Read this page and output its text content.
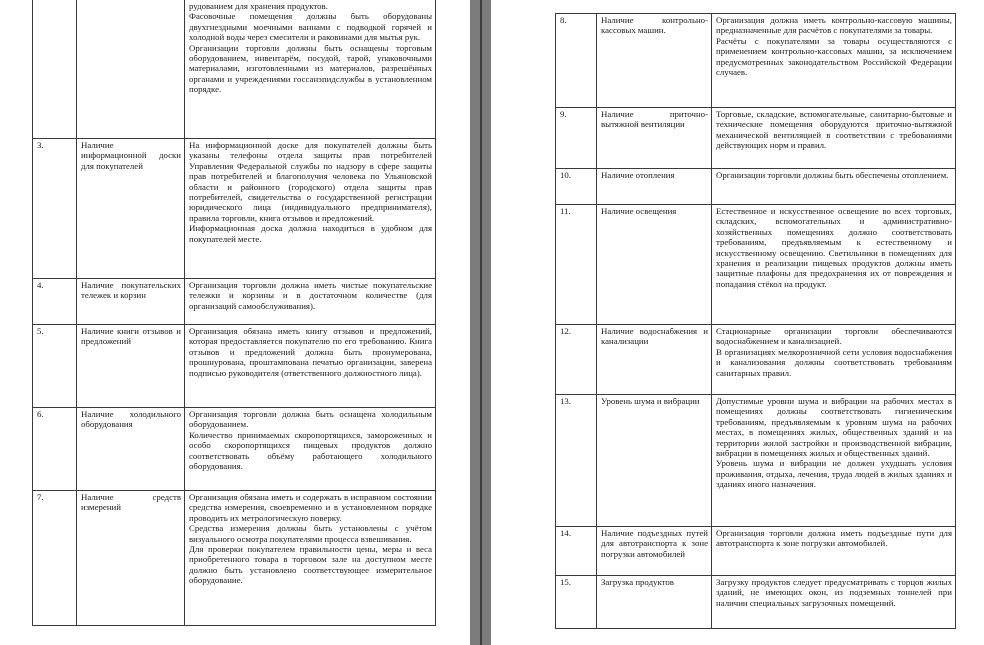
		рудованием для хранения продуктов.
Фасовочные помещения должны быть оборудованы двухгнездными моечными ваннами с подводкой горячей и холодной воды через смесители и раковинами для мытья рук.
Организации торговли должны быть оснащены торговым оборудованием, инвентарём, посудой, тарой, упаковочными материалами, изготовленными из материалов, разрешённых органами и учреждениями госсанэпидслужбы в установленном порядке.

3.	Наличие информационной доски для покупателей	На информационной доске для покупателей должны быть указаны телефоны отдела защиты прав потребителей Управления Федеральной службы по надзору в сфере защиты прав потребителей и благополучия человека по Ульяновской области и районного (городского) отдела защиты прав потребителей, свидетельства о государственной регистрации юридического лица (индивидуального предпринимателя), правила торговли, книга отзывов и предложений.
Информационная доска должна находиться в удобном для покупателей месте.

4.	Наличие покупательских тележек и корзин	Организация торговли должна иметь чистые покупательские тележки и корзины и в достаточном количестве (для организаций самообслуживания).

5.	Наличие книги отзывов и предложений	Организация обязана иметь книгу отзывов и предложений, которая предоставляется покупателю по его требованию. Книга отзывов и предложений должна быть пронумерована, прошнурована, проштампована печатью организации, заверена подписью руководителя (ответственного должностного лица).

6.	Наличие холодильного оборудования	Организация торговли должна быть оснащена холодильным оборудованием.
Количество принимаемых скоропортящихся, замороженных и особо скоропортящихся пищевых продуктов должно соответствовать объёму работающего холодильного оборудования.

7.	Наличие средств измерений	Организация обязана иметь и содержать в исправном состоянии средства измерения, своевременно и в установленном порядке проводить их метрологическую поверку.
Средства измерения должны быть установлены с учётом визуального осмотра покупателями процесса взвешивания.
Для проверки покупателем правильности цены, меры и веса приобретенного товара в торговом зале на доступном месте должно быть установлено соответствующее измерительное оборудование.
8.	Наличие контрольно-кассовых машин.	Организация должна иметь контрольно-кассовую машины, предназначенные для расчётов с покупателями за товары.
Расчёты с покупателями за товары осуществляются с применением контрольно-кассовых машин, за исключением предусмотренных законодательством Российской Федерации случаев.

9.	Наличие приточно-вытяжной вентиляции	Торговые, складские, вспомогательные, санитарно-бытовые и технические помещения оборудуются приточно-вытяжной механической вентиляцией в соответствии с требованиями действующих норм и правил.

10.	Наличие отопления	Организации торговли должны быть обеспечены отоплением.

11.	Наличие освещения	Естественное и искусственное освещение во всех торговых, складских, вспомогательных и административно-хозяйственных помещениях должно соответствовать требованиям, предъявляемым к естественному и искусственному освещению. Светильники в помещениях для хранения и реализации пищевых продуктов должны иметь защитные плафоны для предохранения их от повреждения и попадания стёкол на продукт.

12.	Наличие водоснабжения и канализации	Стационарные организации торговли обеспечиваются водоснабжением и канализацией.
В организациях мелкорозничной сети условия водоснабжения и канализования должны соответствовать требованиям санитарных правил.

13.	Уровень шума и вибрации	Допустимые уровни шума и вибрации на рабочих местах в помещениях должны соответствовать гигиеническим требованиям, предъявляемым к уровням шума на рабочих местах, в помещениях жилых, общественных зданий и на территории жилой застройки и производственной вибрации, вибрации в помещениях жилых и общественных зданий.
Уровень шума и вибрации не должен ухудшать условия проживания, отдыха, лечения, труда людей в жилых зданиях и зданиях иного назначения.

14.	Наличие подъездных путей для автотранспорта к зоне погрузки автомобилей	Организация торговли должна иметь подъездные пути для автотранспорта к зоне погрузки автомобилей.

15.	Загрузка продуктов	Загрузку продуктов следует предусматривать с торцов жилых зданий, не имеющих окон, из подземных тоннелей при наличии специальных загрузочных помещений.
